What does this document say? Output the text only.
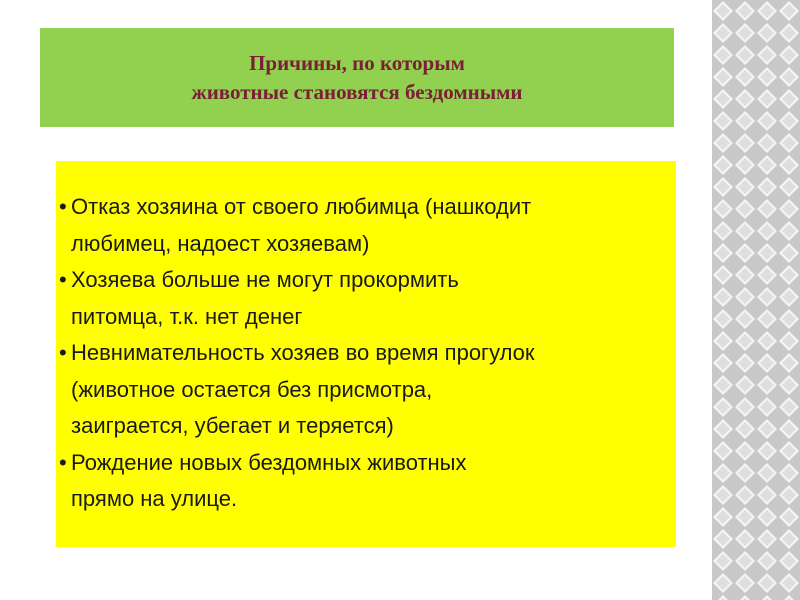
Причины, по которым
животные становятся бездомными
• Отказ хозяина от своего любимца (нашкодит
любимец, надоест хозяевам)
• Хозяева больше не могут прокормить
питомца, т.к. нет денег
• Невнимательность хозяев во время прогулок
(животное остается без присмотра,
заиграется, убегает и теряется)
• Рождение новых бездомных животных
прямо на улице.
